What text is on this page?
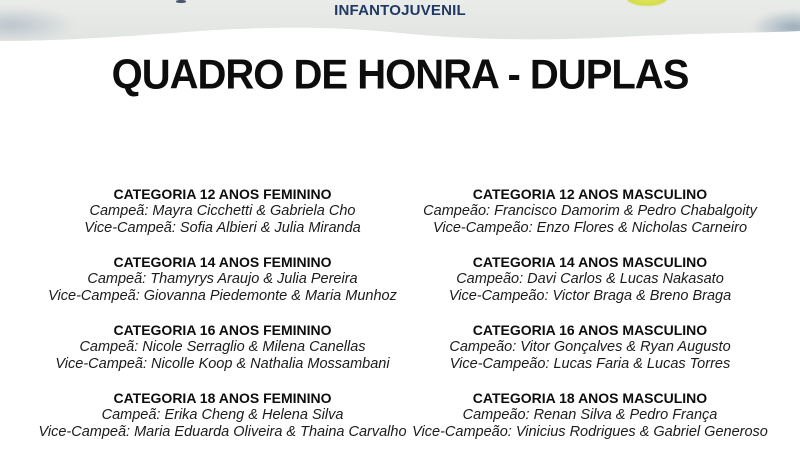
INFANTOJUVENIL
QUADRO DE HONRA - DUPLAS
CATEGORIA 12 ANOS FEMININO
Campeã: Mayra Cicchetti & Gabriela Cho
Vice-Campeã: Sofia Albieri & Julia Miranda
CATEGORIA 14 ANOS FEMININO
Campeã: Thamyrys Araujo & Julia Pereira
Vice-Campeã: Giovanna Piedemonte & Maria Munhoz
CATEGORIA 16 ANOS FEMININO
Campeã: Nicole Serraglio & Milena Canellas
Vice-Campeã: Nicolle Koop & Nathalia Mossambani
CATEGORIA 18 ANOS FEMININO
Campeã: Erika Cheng & Helena Silva
Vice-Campeã: Maria Eduarda Oliveira & Thaina Carvalho
CATEGORIA 12 ANOS MASCULINO
Campeão: Francisco Damorim & Pedro Chabalgoity
Vice-Campeão: Enzo Flores & Nicholas Carneiro
CATEGORIA 14 ANOS MASCULINO
Campeão: Davi Carlos & Lucas Nakasato
Vice-Campeão: Victor Braga & Breno Braga
CATEGORIA 16 ANOS MASCULINO
Campeão: Vitor Gonçalves & Ryan Augusto
Vice-Campeão: Lucas Faria & Lucas Torres
CATEGORIA 18 ANOS MASCULINO
Campeão: Renan Silva & Pedro França
Vice-Campeão: Vinicius Rodrigues & Gabriel Generoso
